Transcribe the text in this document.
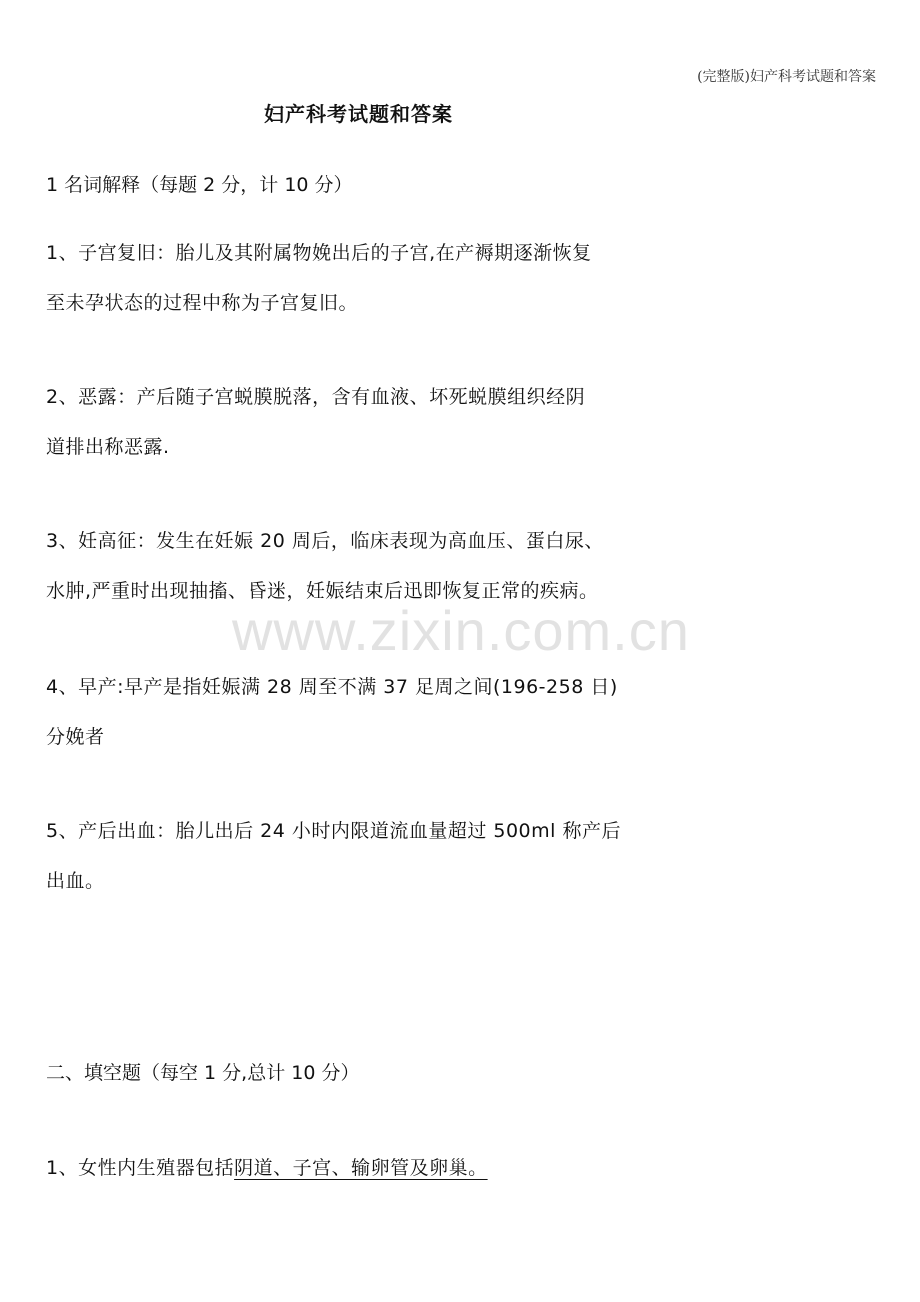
(完整版)妇产科考试题和答案
妇产科考试题和答案
1 名词解释（每题 2 分，计 10 分）

1、子宫复旧：胎儿及其附属物娩出后的子宫,在产褥期逐渐恢复
至未孕状态的过程中称为子宫复旧。

2、恶露：产后随子宫蜕膜脱落，含有血液、坏死蜕膜组织经阴
道排出称恶露.

3、妊高征：发生在妊娠 20 周后，临床表现为高血压、蛋白尿、
水肿,严重时出现抽搐、昏迷，妊娠结束后迅即恢复正常的疾病。

www.zixin.com.cn

4、早产:早产是指妊娠满 28 周至不满 37 足周之间(196-258 日)
分娩者

5、产后出血：胎儿出后 24 小时内限道流血量超过 500ml 称产后
出血。

二、填空题（每空 1 分,总计 10 分）

1、女性内生殖器包括阴道、子宫、输卵管及卵巢。
